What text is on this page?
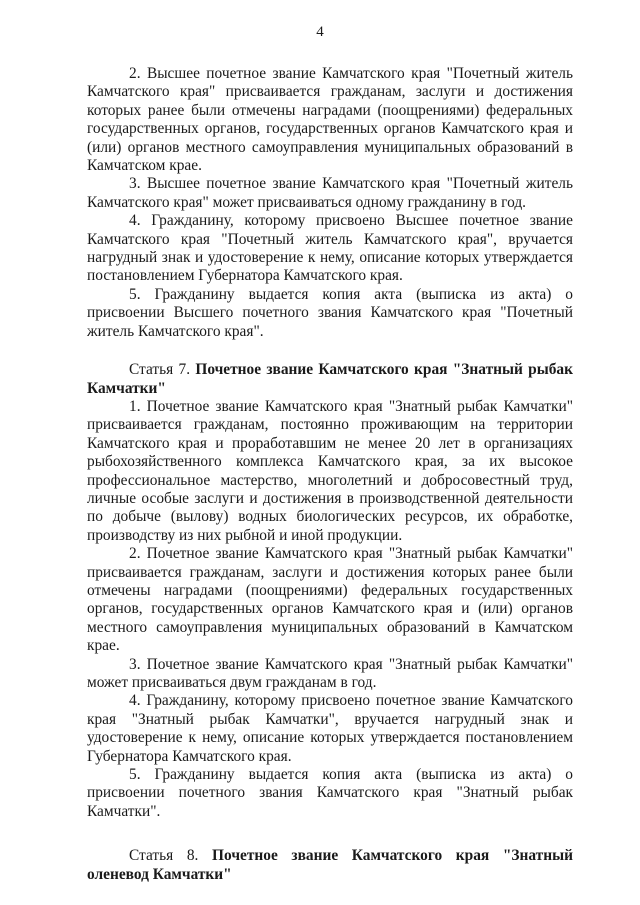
4

2. Высшее почетное звание Камчатского края "Почетный житель Камчатского края" присваивается гражданам, заслуги и достижения которых ранее были отмечены наградами (поощрениями) федеральных государственных органов, государственных органов Камчатского края и (или) органов местного самоуправления муниципальных образований в Камчатском крае.

3. Высшее почетное звание Камчатского края "Почетный житель Камчатского края" может присваиваться одному гражданину в год.

4. Гражданину, которому присвоено Высшее почетное звание Камчатского края "Почетный житель Камчатского края", вручается нагрудный знак и удостоверение к нему, описание которых утверждается постановлением Губернатора Камчатского края.

5. Гражданину выдается копия акта (выписка из акта) о присвоении Высшего почетного звания Камчатского края "Почетный житель Камчатского края".

Статья 7. Почетное звание Камчатского края "Знатный рыбак Камчатки"

1. Почетное звание Камчатского края "Знатный рыбак Камчатки" присваивается гражданам, постоянно проживающим на территории Камчатского края и проработавшим не менее 20 лет в организациях рыбохозяйственного комплекса Камчатского края, за их высокое профессиональное мастерство, многолетний и добросовестный труд, личные особые заслуги и достижения в производственной деятельности по добыче (вылову) водных биологических ресурсов, их обработке, производству из них рыбной и иной продукции.

2. Почетное звание Камчатского края "Знатный рыбак Камчатки" присваивается гражданам, заслуги и достижения которых ранее были отмечены наградами (поощрениями) федеральных государственных органов, государственных органов Камчатского края и (или) органов местного самоуправления муниципальных образований в Камчатском крае.

3. Почетное звание Камчатского края "Знатный рыбак Камчатки" может присваиваться двум гражданам в год.

4. Гражданину, которому присвоено почетное звание Камчатского края "Знатный рыбак Камчатки", вручается нагрудный знак и удостоверение к нему, описание которых утверждается постановлением Губернатора Камчатского края.

5. Гражданину выдается копия акта (выписка из акта) о присвоении почетного звания Камчатского края "Знатный рыбак Камчатки".

Статья 8. Почетное звание Камчатского края "Знатный оленевод Камчатки"
